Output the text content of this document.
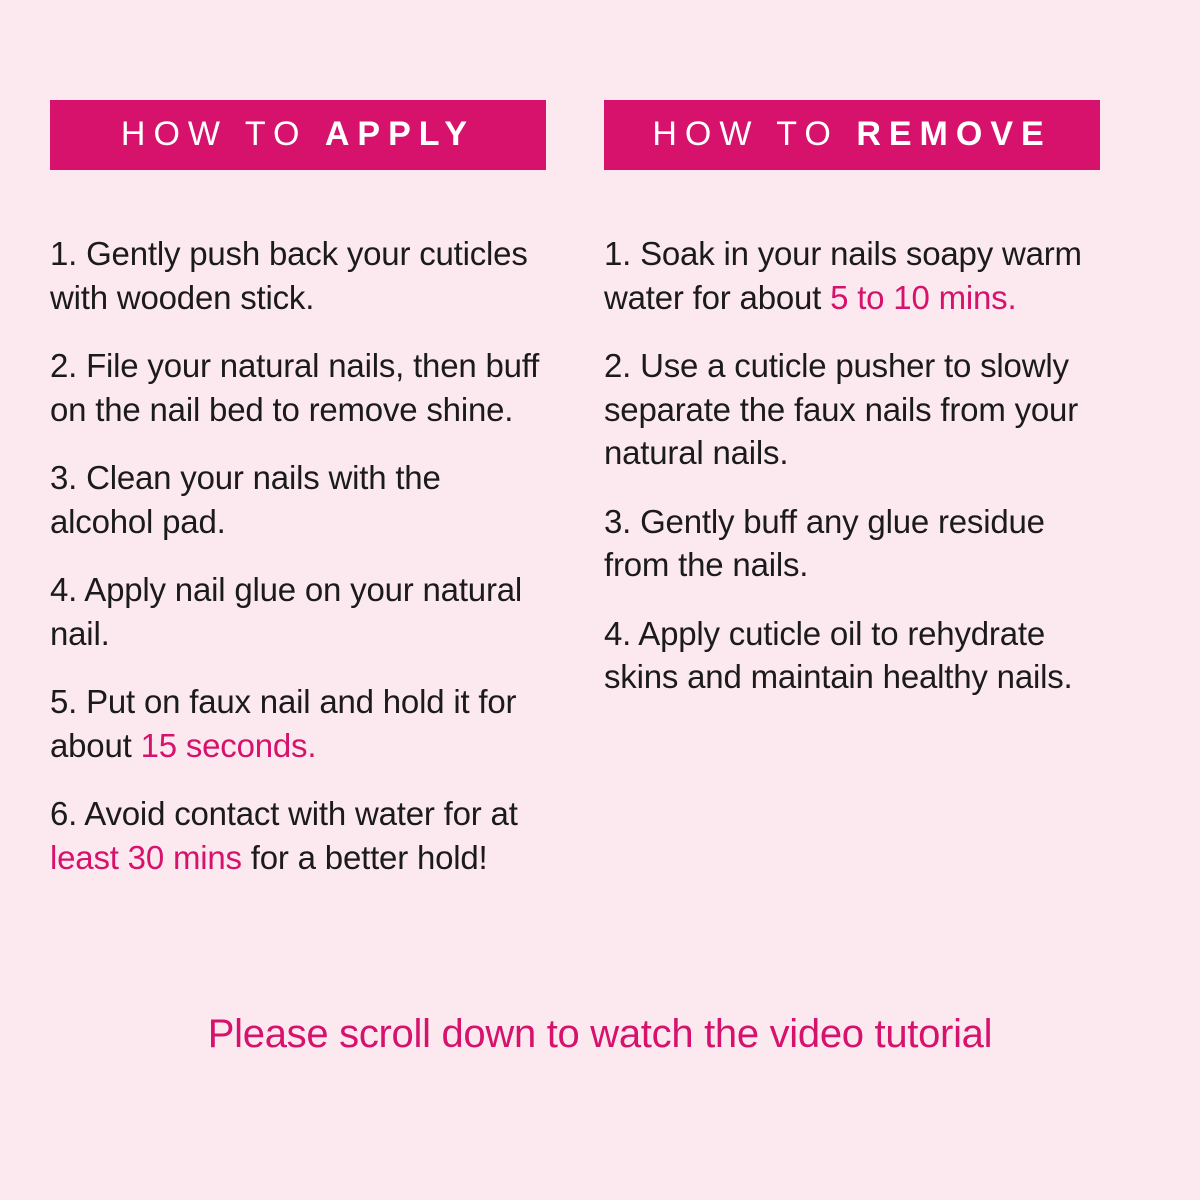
HOW TO APPLY
1. Gently push back your cuticles with wooden stick.
2. File your natural nails, then buff on the nail bed to remove shine.
3. Clean your nails with the alcohol pad.
4. Apply nail glue on your natural nail.
5. Put on faux nail and hold it for about 15 seconds.
6. Avoid contact with water for at least 30 mins for a better hold!
HOW TO REMOVE
1. Soak in your nails soapy warm water for about 5 to 10 mins.
2. Use a cuticle pusher to slowly separate the faux nails from your natural nails.
3. Gently buff any glue residue from the nails.
4. Apply cuticle oil to rehydrate skins and maintain healthy nails.
Please scroll down to watch the video tutorial
